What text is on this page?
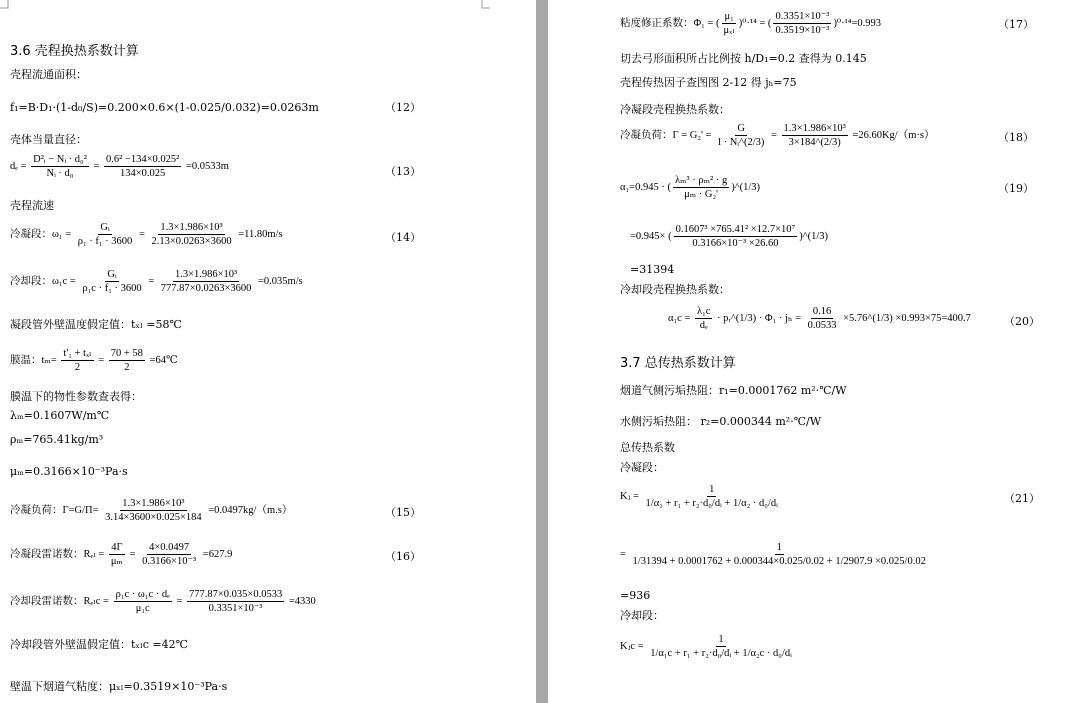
3.6 壳程换热系数计算
壳程流通面积：
f₁=B·D₁·(1-d₀/S)=0.200×0.6×(1-0.025/0.032)=0.0263m	（12）
壳体当量直径：
$d_e = \frac{\text{D²ᵢ − Nᵢ · d₀²}}{\text{Nᵢ · d₀}} = \frac{\text{0.6² −134×0.025²}}{134\times 0.025} =0.0533m$	（13）
壳程流速
冷凝段：$\omega_1 = \frac{\text{Gᵢ}}{\text{ρ₁ · f₁ · 3600}} = \frac{\text{1.3×1.986×10³}}{2.13\times 0.0263\times 3600} =11.80m/s$	（14）
冷却段：$\omega_1c = \frac{\text{Gᵢ}}{\text{ρ₁c · f₁ · 3600}} = \frac{\text{1.3×1.986×10³}}{777.87\times 0.0263\times 3600} =0.035m/s$
凝段管外壁温度假定值：tₓₗ =58℃
膜温：tₘ=
t'₁ + tₓₗ
2
= $\frac{70 + 58}{2}$ =64℃
膜温下的物性参数查表得：
λₘ=0.1607W/m℃
ρₘ=765.41kg/m³
μₘ=0.3166×10⁻³Pa·s
冷凝负荷：$\Gamma=G/\Pi= \frac{\text{1.3×1.986×10³}}{3.14\times 3600\times 0.025\times 184} =0.0497kg/(m.s)$	（15）
冷凝段雷诺数：$R_{el} = \frac{4\Gamma}{\text{μₘ}} = \frac{4\times 0.0497}{\text{0.3166×10⁻³}} =627.9$	（16）
冷却段雷诺数：$R_{el}c = \frac{\text{ρ₁c · ω₁c · dₑ}}{\text{μ₁c}} = \frac{777.87\times 0.035\times 0.0533}{\text{0.3351×10⁻³}} =4330$
冷却段管外壁温假定值：tₓₗc =42℃
壁温下烟道气粘度：μₓₗ=0.3519×10⁻³Pa·s
粘度修正系数：Φ₁ = (
μ₁
μₓₗ
)⁰·¹⁴ = ( $\frac{\text{0.3351×10⁻³}}{\text{0.3519×10⁻³}} )^0\cdot^{14}=0.993$	（17）
切去弓形面积所占比例按 h/D₁=0.2 查得为 0.145
壳程传热因子查图图 2-12 得 jₕ=75
冷凝段壳程换热系数：
冷凝负荷：$\Gamma = G_2' = \frac{G}{\text{l · Nᵢ\textasciicircum{}(2/3)}} = \frac{\text{1.3×1.986×10³}}{3\times 184\^{}(2/3)} =26.60Kg/(m\cdot s)$	（18）
α₁=0.945 · ( $\frac{\text{λₘ³ · ρₘ² · g}}{\text{μₘ · G₂'}}$ )^(1/3)	（19）
=0.945× ( $\frac{\text{0.1607³ ×765.41² ×12.7×10⁷}}{\text{0.3166×10⁻³ ×26.60}}$ )^(1/3)
=31394
冷却段壳程换热系数：
$\alpha_1c = \frac{\text{λ₁c}}{\text{dₑ}}$ · pᵣ^(1/3) · $\Phi_1 \cdot j_h = \frac{0.16}{0.0533}$ ×5.76^(1/3) ×0.993×75=400.7	（20）
3.7 总传热系数计算
烟道气侧污垢热阻：r₁=0.0001762 m²·℃/W
水侧污垢热阻： r₂=0.000344 m²·℃/W
总传热系数
冷凝段：
Kⱼ = $\frac{1}{\text{1/α₁ + r₁ + r₂·d₀/dᵢ + 1/α₂ · d₀/dᵢ}}$	（21）
=
1
1/31394 + 0.0001762 + 0.000344×0.025/0.02 + 1/2907.9 ×0.025/0.02
=936
冷却段：
Kⱼc = $\frac{1}{\text{1/α₁c + r₁ + r₂·d₀/dᵢ + 1/α₂c · d₀/dᵢ}}$
